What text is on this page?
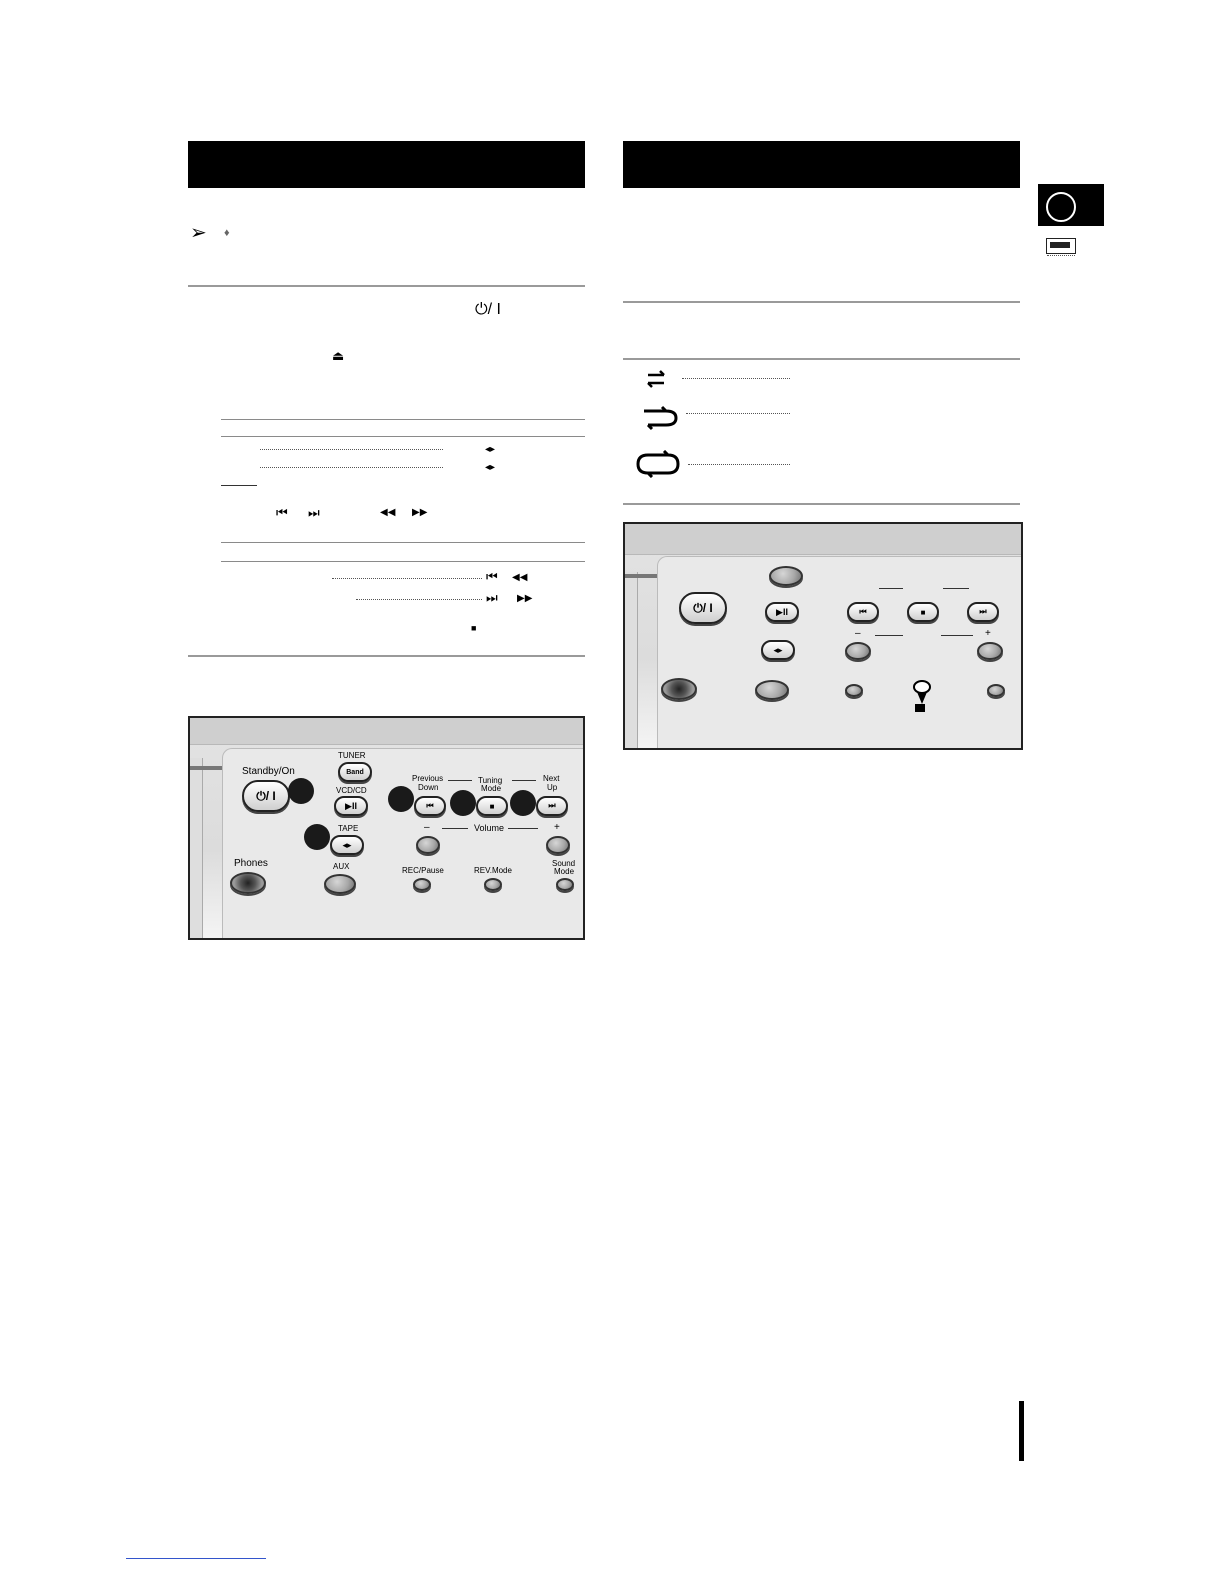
➢ ♦
⏻/ I
⏏
◂▸
◂▸
⏮ ⏭	◀◀ ▶▶
⏮ ◀◀
⏭ ▶▶
■
Standby/On
⏻/ I
TUNER
Band
VCD/CD
▶II
TAPE
◂▸
Previous
Down
Tuning
Mode
Next
Up
⏮	■	⏭
–	Volume	+
Phones	AUX	REC/Pause	REV.Mode
Sound
Mode
⏻/ I	▶II
◂▸
⏮	■	⏭
–	+
